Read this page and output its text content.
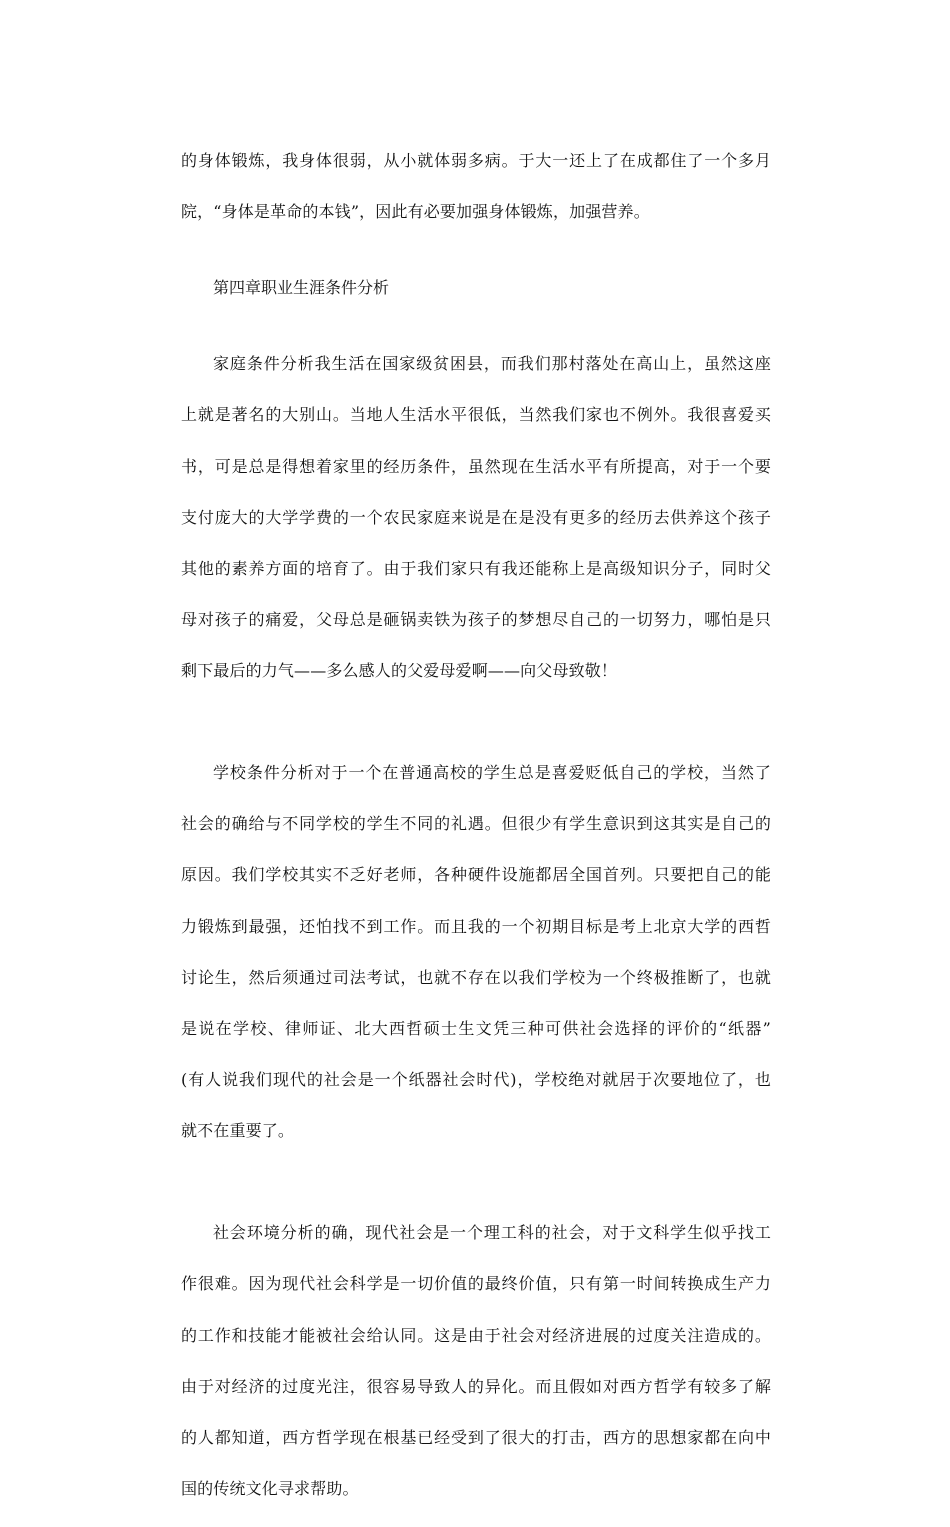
的身体锻炼，我身体很弱，从小就体弱多病。于大一还上了在成都住了一个多月

院，“身体是革命的本钱”，因此有必要加强身体锻炼，加强营养。

第四章职业生涯条件分析

家庭条件分析我生活在国家级贫困县，而我们那村落处在高山上，虽然这座

上就是著名的大别山。当地人生活水平很低，当然我们家也不例外。我很喜爱买

书，可是总是得想着家里的经历条件，虽然现在生活水平有所提高，对于一个要

支付庞大的大学学费的一个农民家庭来说是在是没有更多的经历去供养这个孩子

其他的素养方面的培育了。由于我们家只有我还能称上是高级知识分子，同时父

母对孩子的痛爱，父母总是砸锅卖铁为孩子的梦想尽自己的一切努力，哪怕是只

剩下最后的力气——多么感人的父爱母爱啊——向父母致敬！

学校条件分析对于一个在普通高校的学生总是喜爱贬低自己的学校，当然了

社会的确给与不同学校的学生不同的礼遇。但很少有学生意识到这其实是自己的

原因。我们学校其实不乏好老师，各种硬件设施都居全国首列。只要把自己的能

力锻炼到最强，还怕找不到工作。而且我的一个初期目标是考上北京大学的西哲

讨论生，然后须通过司法考试，也就不存在以我们学校为一个终极推断了，也就

是说在学校、律师证、北大西哲硕士生文凭三种可供社会选择的评价的“纸器”

(有人说我们现代的社会是一个纸器社会时代)，学校绝对就居于次要地位了，也

就不在重要了。

社会环境分析的确，现代社会是一个理工科的社会，对于文科学生似乎找工

作很难。因为现代社会科学是一切价值的最终价值，只有第一时间转换成生产力

的工作和技能才能被社会给认同。这是由于社会对经济进展的过度关注造成的。

由于对经济的过度光注，很容易导致人的异化。而且假如对西方哲学有较多了解

的人都知道，西方哲学现在根基已经受到了很大的打击，西方的思想家都在向中

国的传统文化寻求帮助。
